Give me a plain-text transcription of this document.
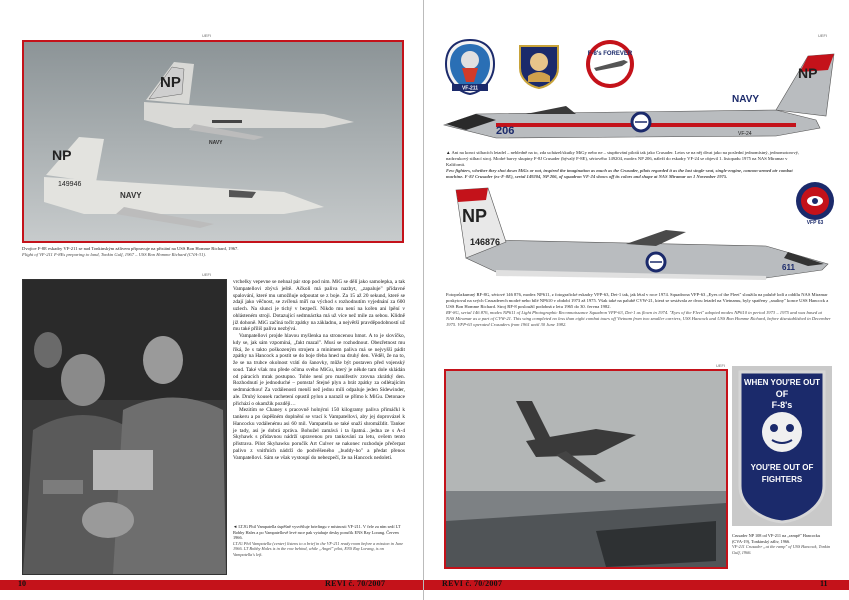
UEFI
NP
NP
149946
NAVY
NAVY
Dvojice F-8E eskadry VF-211 se nad Tonkinským zálivem připravuje na přistání na USS Bon Homme Richard, 1967.
Flight of VF-211 F-8Es preparing to land, Tonkin Gulf, 1967 – USS Bon Homme Richard (CVA-31).
UEFI

vrchelky vepevne se nehnal pár stop pod nim. MiG se dělí jako samolepka, a tak Vampatellovi zbývá ještě. Ačkoli má paliva nazbyt, „zapaluje" přídavné spalování, které mu umožňuje odpoutat se z boje. Za 15 až 20 sekund, které se zdají jako věčnost, se zvířená míří na východ s rozhodnutím vyjednání za 600 uzlech. Na slunci je tichý v bezpečí. Nikdo mu není na kořen ani lpění v ohlásteném stroji. Dotazující sedmnáctka má už více než mile za sebou. Klidně již dohoně. MiG začíná točit zpátky na základnu, a největší pravděpodobností už mu také příliš paliva nezbývá.

Vampatellovi projde hlavou myšlenka na stroncenou hmot. A to je slovíčko, kdy se, jak sám vzpomíná, „fakt mazal". Musí se rozhodnout. Obezřetnost mu říká, že s takto poškozeným strojem a minimem paliva má se nejvyšší pádit zpátky na Hancock a postit se do boje třeba hned na druhý den. Věděl, že na to, že se na trubce okolnost vrátí do šanovky, může být postaven před vojenský soud. Také však mu přede očima svého MiGu, který je někde tam dole skládán od páracích mrak postupno. Tohle není pro manifestiv zrovna zkrátký den. Rozhodnutí je jednoduché – pomsta! Stejné plyn a brát zpátky za odlétajícím sedmnáctkou! Za vzdálenosti menší než jednu míli odpaluje jeden Sidewinder, ale. Druhý kousek rachetení opustil pylon a narazil se přímo k MiGu. Detonace přichází o okamžik později…

Mezitím se Chaney s pracovně holnými 150 kilogramy paliva přimáčkl k tankeru a po úspěšném doplnění se vrací k Vampatellovi, aby jej doprovázel k Hancocku vzdálenému asi 60 mil. Vampatella se také snaží shromáždit. Tanker je tady, asi je dobrá zpráva. Bohužel zamává i ta špatná…jedna ze s A-4 Skyhawk s přídavnou nádrží upravenou pro tankování za letu, ovšem tento přistrava. Pilot Skyhawku poručík Art Culver se nakonec rozhoduje přečerpat palivo z vnitřních nádrží do podvěšeného „buddy-ho" a předat přenos Vampatellovi. Sám se však vystoupí do nebezpečí, že na Hancock nedoletí.

◄ LTJG Phil Vampatella úspěšně vysvětluje briefingu v místnosti VF-211. V čele za ním sedí LT Bobby Hales a po Vampatellově levé ruce pak vytahuje desky poručík ENS Ray Lorang. Červen 1966.
LTJG Phil Vampatella (center) listens to a brief in the VF-211 ready room before a mission in June 1966. LT Bobby Hales is in the row behind, while „Angel" pilot, ENS Ray Lorang, is on Vampatella's left.
10	REVI č. 70/2007
UEFI
VF-211
F-8's FOREVER
206
NP
NAVY
VF-24
▲ Ani na konci stíhacích letadel – nebledně na to, zda ucházel/skutky MiGy nebo ne – stupňování pilotů tak jako Crusader. Letos se na něj dívat jako na poslední jednomístný, jednomotorový, nadzvukový stíhací stroj. Modré barvy skupiny F-8J Crusader (bývalý F-8E), sériového 149204, modex NP 206, náleží do eskadry VF-24 se objevil 1. listopadu 1975 na NAS Miramar v Kalifornii.
Few fighters, whether they shot down MiGs or not, inspired the imagination as much as the Crusader, pilots regarded it as the last single-seat, single-engine, cannon-armed air combat machine. F-8J Crusader (ex-F-8E), serial 149204, NP 206, of squadron VF-24 shows off its colors and shape at NAS Miramar on 1 November 1975.
VFP 63
NP
146876
611
Fotoprůzkumný RF-8G, sériové 146 876, modex NP611, z fotografické eskadry VFP-63, Det-1 tak, jak létal v roce 1974. Squadrona VFP-63 „Eyes of the Fleet" sloužila na palubě lodí a oddílu NAS Miramar poskytoval na svých Crusaderech modré nebo bílé NP610 v období 1973 až 1975. Však také na palubě CVW-21, která se sestávala ze dvou letadel na Vietnamu, byly spatřeny „snaliny" konce USS Hancock a USS Bon Homme Richard. Stroj RF-8 posloužil podobná z letu 1965 do 30. června 1982.
RF-8G, serial 146 876, modex NP611 of Light Photographic Reconnaissance Squadron VFP-63, Det-1 as flown in 1974. "Eyes of the Fleet" adopted modex NP610 in period 1973 – 1975 and was based at NAS Miramar as a part of CVW-21. This wing completed no less than eight combat tours off Vietnam from two smaller carriers, USS Hancock and USS Bon Homme Richard, before disestablished in December 1975. VFP-63 operated Crusaders from 1961 until 30 June 1982.
UEFI
WHEN YOU'RE OUT
OF
F-8's
YOU'RE OUT OF
FIGHTERS
Crusader NP 108 od VF-211 na „rampě" Hancocku (CVA-19), Tonkinský záliv, 1966.
VF-211 Crusader „at the ramp" of USS Hancock, Tonkin Gulf, 1966.
REVI č. 70/2007	11
